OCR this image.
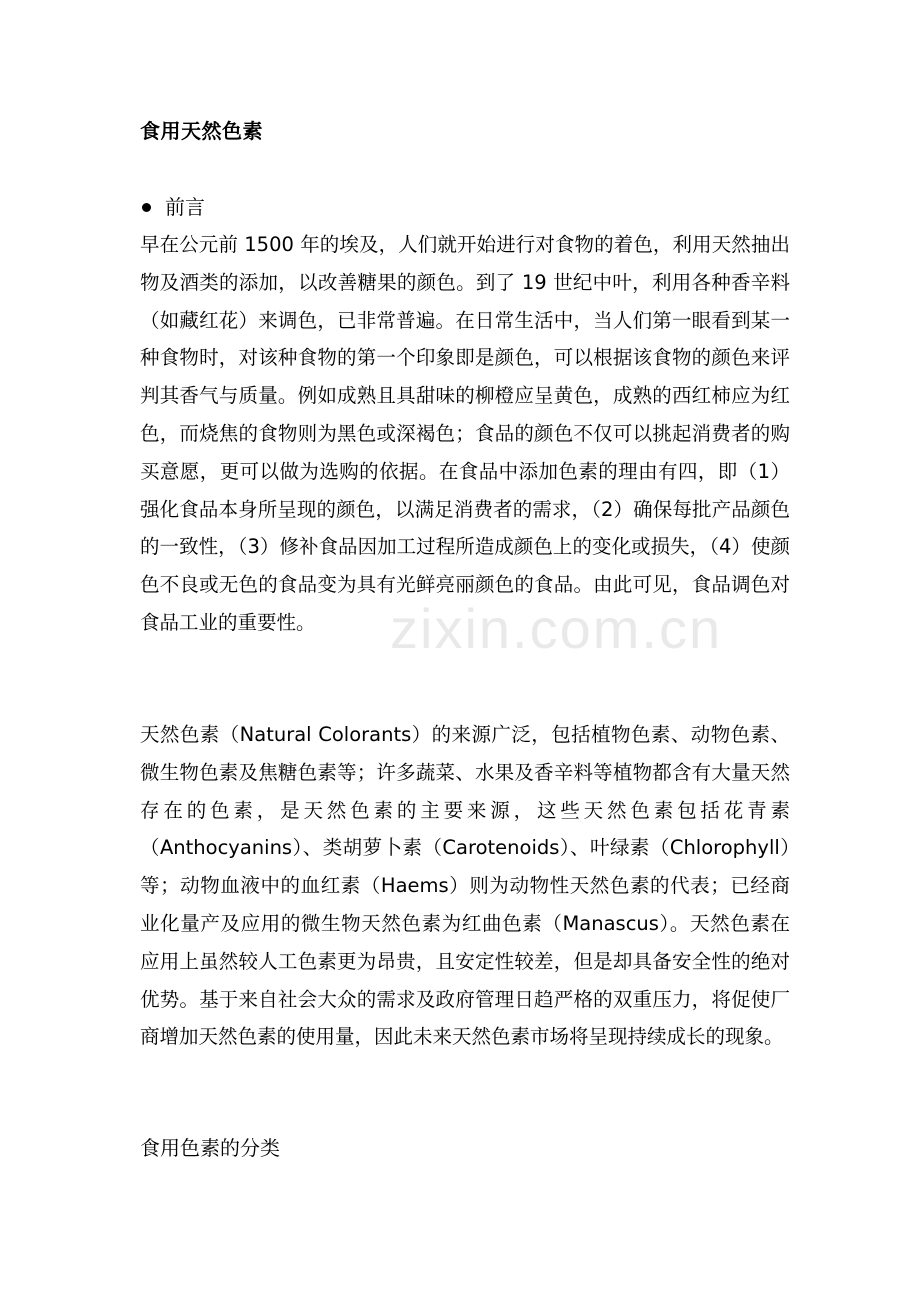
食用天然色素
前言
早在公元前 1500 年的埃及，人们就开始进行对食物的着色，利用天然抽出物及酒类的添加，以改善糖果的颜色。到了 19 世纪中叶，利用各种香辛料（如藏红花）来调色，已非常普遍。在日常生活中，当人们第一眼看到某一种食物时，对该种食物的第一个印象即是颜色，可以根据该食物的颜色来评判其香气与质量。例如成熟且具甜味的柳橙应呈黄色，成熟的西红柿应为红色，而烧焦的食物则为黑色或深褐色；食品的颜色不仅可以挑起消费者的购买意愿，更可以做为选购的依据。在食品中添加色素的理由有四，即（1）强化食品本身所呈现的颜色，以满足消费者的需求，（2）确保每批产品颜色的一致性，（3）修补食品因加工过程所造成颜色上的变化或损失，（4）使颜色不良或无色的食品变为具有光鲜亮丽颜色的食品。由此可见，食品调色对食品工业的重要性。
天然色素（Natural Colorants）的来源广泛，包括植物色素、动物色素、微生物色素及焦糖色素等；许多蔬菜、水果及香辛料等植物都含有大量天然存在的色素，是天然色素的主要来源，这些天然色素包括花青素（Anthocyanins）、类胡萝卜素（Carotenoids）、叶绿素（Chlorophyll）等；动物血液中的血红素（Haems）则为动物性天然色素的代表；已经商业化量产及应用的微生物天然色素为红曲色素（Manascus）。天然色素在应用上虽然较人工色素更为昂贵，且安定性较差，但是却具备安全性的绝对优势。基于来自社会大众的需求及政府管理日趋严格的双重压力，将促使厂商增加天然色素的使用量，因此未来天然色素市场将呈现持续成长的现象。
食用色素的分类
zixin.com.cn
